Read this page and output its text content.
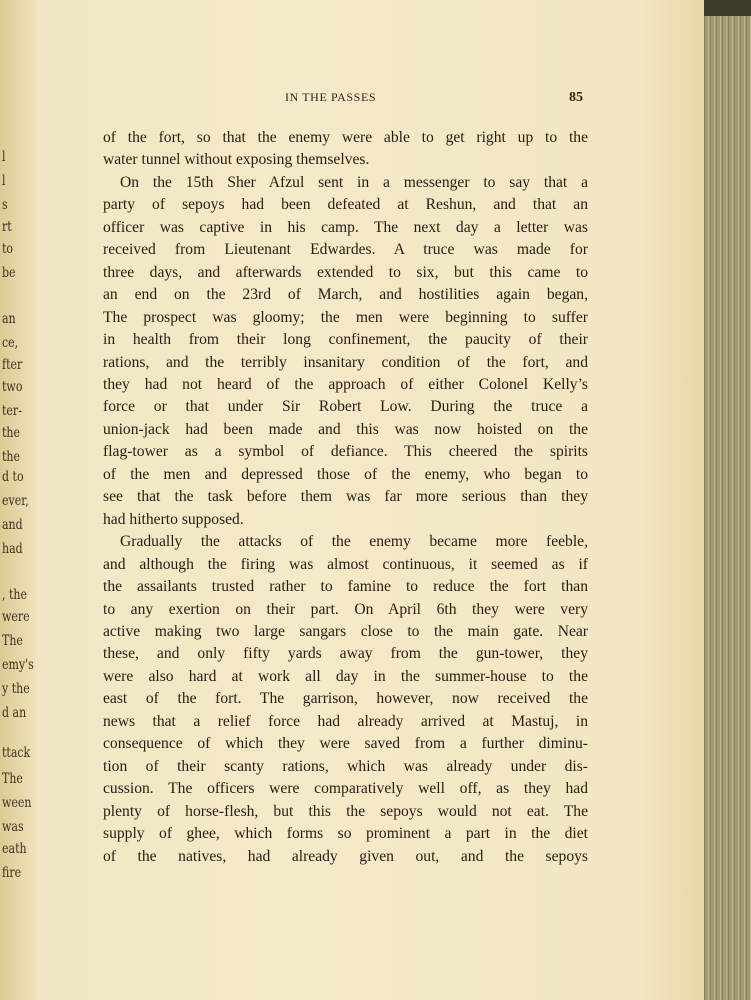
l
l
s
rt
to
be
an
ce,
fter
two
ter-
the
the
d to
ever,
and
had
, the
were
The
emy's
y the
d an
ttack
The
ween
was
eath
fire
IN THE PASSES	85
of the fort, so that the enemy were able to get right up to the
water tunnel without exposing themselves.
On the 15th Sher Afzul sent in a messenger to say that a
party of sepoys had been defeated at Reshun, and that an
officer was captive in his camp. The next day a letter was
received from Lieutenant Edwardes. A truce was made for
three days, and afterwards extended to six, but this came to
an end on the 23rd of March, and hostilities again began,
The prospect was gloomy; the men were beginning to suffer
in health from their long confinement, the paucity of their
rations, and the terribly insanitary condition of the fort, and
they had not heard of the approach of either Colonel Kelly’s
force or that under Sir Robert Low. During the truce a
union-jack had been made and this was now hoisted on the
flag-tower as a symbol of defiance. This cheered the spirits
of the men and depressed those of the enemy, who began to
see that the task before them was far more serious than they
had hitherto supposed.
Gradually the attacks of the enemy became more feeble,
and although the firing was almost continuous, it seemed as if
the assailants trusted rather to famine to reduce the fort than
to any exertion on their part. On April 6th they were very
active making two large sangars close to the main gate. Near
these, and only fifty yards away from the gun-tower, they
were also hard at work all day in the summer-house to the
east of the fort. The garrison, however, now received the
news that a relief force had already arrived at Mastuj, in
consequence of which they were saved from a further diminu-
tion of their scanty rations, which was already under dis-
cussion. The officers were comparatively well off, as they had
plenty of horse-flesh, but this the sepoys would not eat. The
supply of ghee, which forms so prominent a part in the diet
of the natives, had already given out, and the sepoys
